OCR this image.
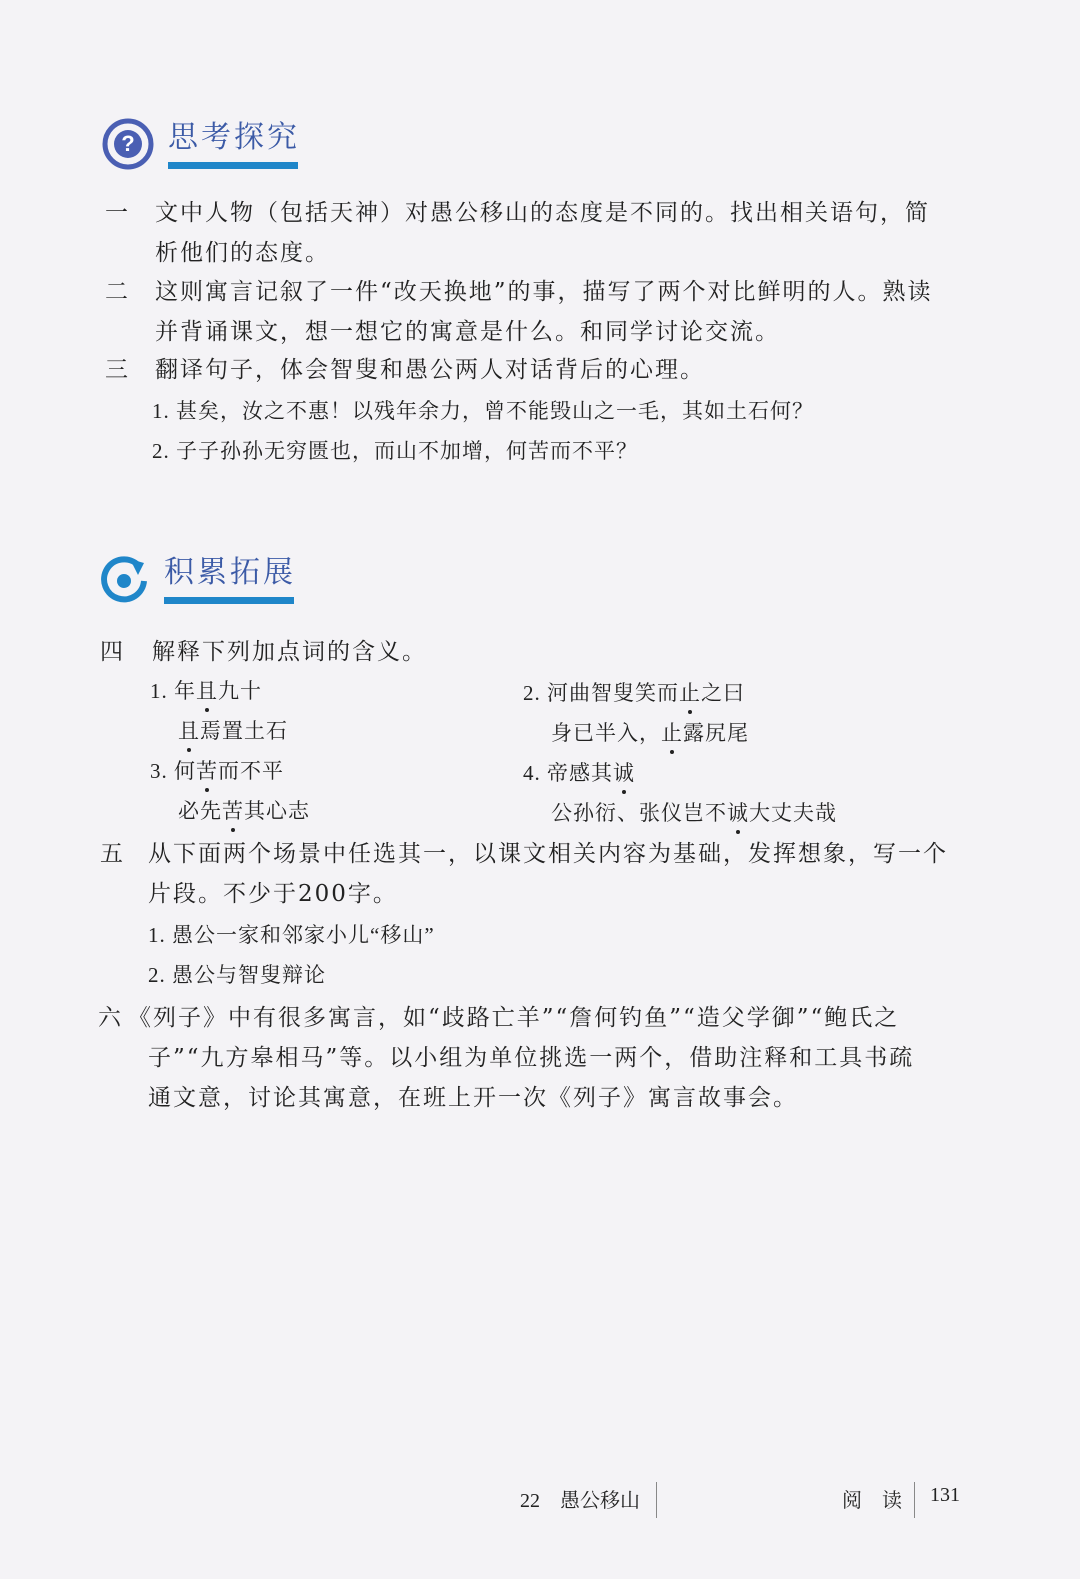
? 思考探究
一 文中人物（包括天神）对愚公移山的态度是不同的。找出相关语句，简
析他们的态度。
二 这则寓言记叙了一件“改天换地”的事，描写了两个对比鲜明的人。熟读
并背诵课文，想一想它的寓意是什么。和同学讨论交流。
三 翻译句子，体会智叟和愚公两人对话背后的心理。
1. 甚矣，汝之不惠！以残年余力，曾不能毁山之一毛，其如土石何？
2. 子子孙孙无穷匮也，而山不加增，何苦而不平？
积累拓展
四 解释下列加点词的含义。
1. 年且九十
且焉置土石
3. 何苦而不平
必先苦其心志
2. 河曲智叟笑而止之曰
身已半入，止露尻尾
4. 帝感其诚
公孙衍、张仪岂不诚大丈夫哉
五 从下面两个场景中任选其一，以课文相关内容为基础，发挥想象，写一个
片段。不少于200字。
1. 愚公一家和邻家小儿“移山”
2. 愚公与智叟辩论
六 《列子》中有很多寓言，如“歧路亡羊”“詹何钓鱼”“造父学御”“鲍氏之
子”“九方皋相马”等。以小组为单位挑选一两个，借助注释和工具书疏
通文意，讨论其寓意，在班上开一次《列子》寓言故事会。
22　愚公移山	阅　读 131
